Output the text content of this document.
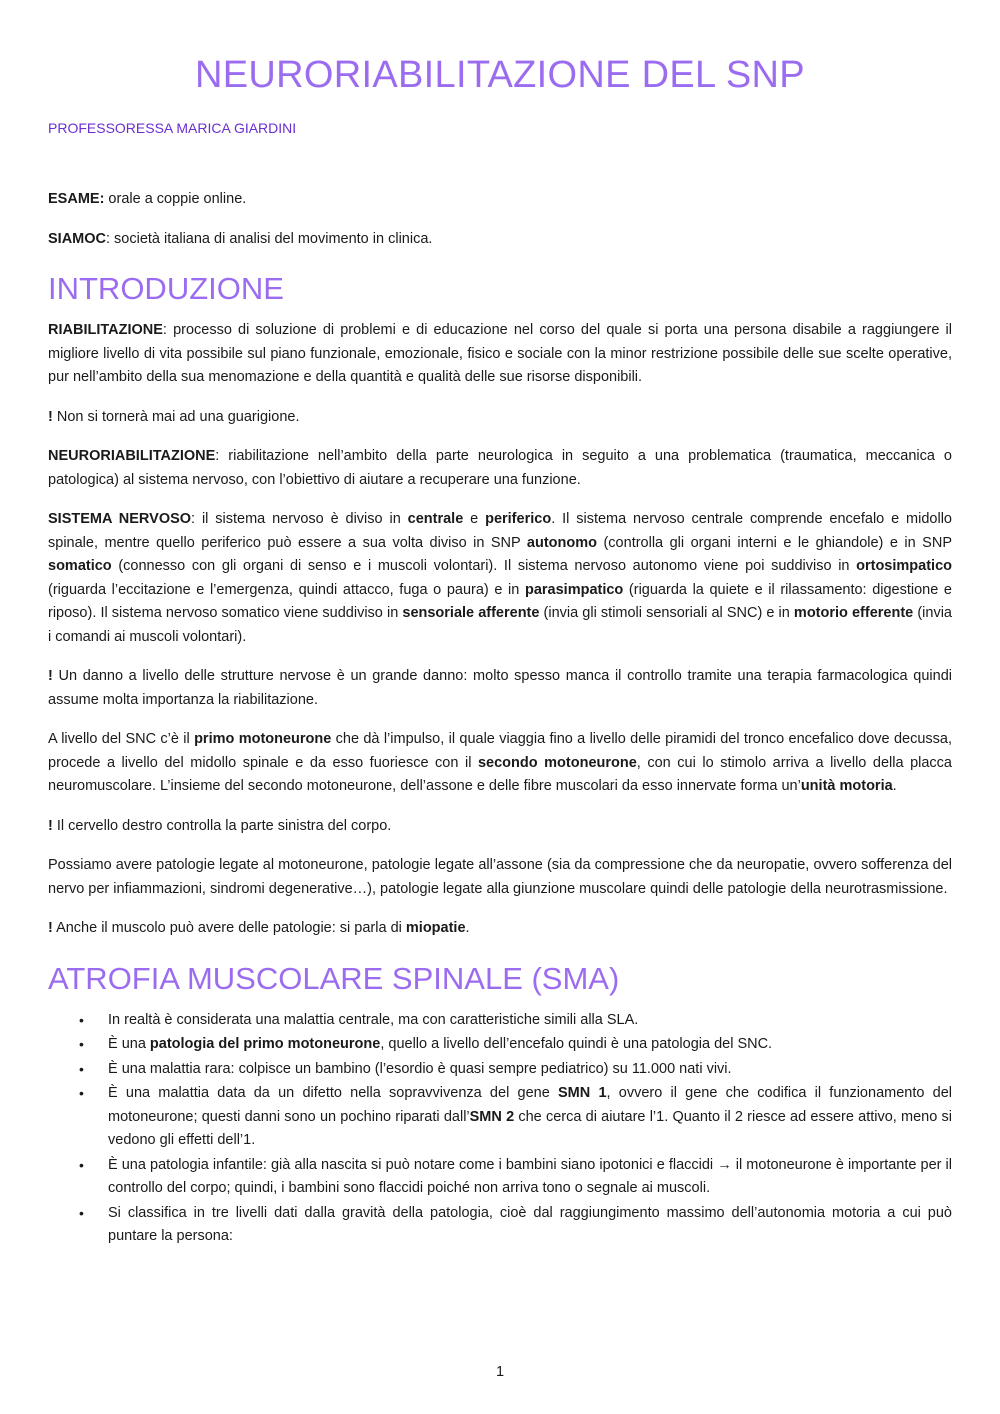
NEURORIABILITAZIONE DEL SNP
PROFESSORESSA MARICA GIARDINI

ESAME: orale a coppie online.

SIAMOC: società italiana di analisi del movimento in clinica.

INTRODUZIONE

RIABILITAZIONE: processo di soluzione di problemi e di educazione nel corso del quale si porta una persona disabile a raggiungere il migliore livello di vita possibile sul piano funzionale, emozionale, fisico e sociale con la minor restrizione possibile delle sue scelte operative, pur nell’ambito della sua menomazione e della quantità e qualità delle sue risorse disponibili.

! Non si tornerà mai ad una guarigione.

NEURORIABILITAZIONE: riabilitazione nell’ambito della parte neurologica in seguito a una problematica (traumatica, meccanica o patologica) al sistema nervoso, con l’obiettivo di aiutare a recuperare una funzione.

SISTEMA NERVOSO: il sistema nervoso è diviso in centrale e periferico. Il sistema nervoso centrale comprende encefalo e midollo spinale, mentre quello periferico può essere a sua volta diviso in SNP autonomo (controlla gli organi interni e le ghiandole) e in SNP somatico (connesso con gli organi di senso e i muscoli volontari). Il sistema nervoso autonomo viene poi suddiviso in ortosimpatico (riguarda l’eccitazione e l’emergenza, quindi attacco, fuga o paura) e in parasimpatico (riguarda la quiete e il rilassamento: digestione e riposo). Il sistema nervoso somatico viene suddiviso in sensoriale afferente (invia gli stimoli sensoriali al SNC) e in motorio efferente (invia i comandi ai muscoli volontari).

! Un danno a livello delle strutture nervose è un grande danno: molto spesso manca il controllo tramite una terapia farmacologica quindi assume molta importanza la riabilitazione.

A livello del SNC c’è il primo motoneurone che dà l’impulso, il quale viaggia fino a livello delle piramidi del tronco encefalico dove decussa, procede a livello del midollo spinale e da esso fuoriesce con il secondo motoneurone, con cui lo stimolo arriva a livello della placca neuromuscolare. L’insieme del secondo motoneurone, dell’assone e delle fibre muscolari da esso innervate forma un’unità motoria.

! Il cervello destro controlla la parte sinistra del corpo.

Possiamo avere patologie legate al motoneurone, patologie legate all’assone (sia da compressione che da neuropatie, ovvero sofferenza del nervo per infiammazioni, sindromi degenerative…), patologie legate alla giunzione muscolare quindi delle patologie della neurotrasmissione.

! Anche il muscolo può avere delle patologie: si parla di miopatie.

ATROFIA MUSCOLARE SPINALE (SMA)
• In realtà è considerata una malattia centrale, ma con caratteristiche simili alla SLA.
• È una patologia del primo motoneurone, quello a livello dell’encefalo quindi è una patologia del SNC.
• È una malattia rara: colpisce un bambino (l’esordio è quasi sempre pediatrico) su 11.000 nati vivi.
• È una malattia data da un difetto nella sopravvivenza del gene SMN 1, ovvero il gene che codifica il funzionamento del motoneurone; questi danni sono un pochino riparati dall’SMN 2 che cerca di aiutare l’1. Quanto il 2 riesce ad essere attivo, meno si vedono gli effetti dell’1.
• È una patologia infantile: già alla nascita si può notare come i bambini siano ipotonici e flaccidi → il motoneurone è importante per il controllo del corpo; quindi, i bambini sono flaccidi poiché non arriva tono o segnale ai muscoli.
• Si classifica in tre livelli dati dalla gravità della patologia, cioè dal raggiungimento massimo dell’autonomia motoria a cui può puntare la persona:
1
